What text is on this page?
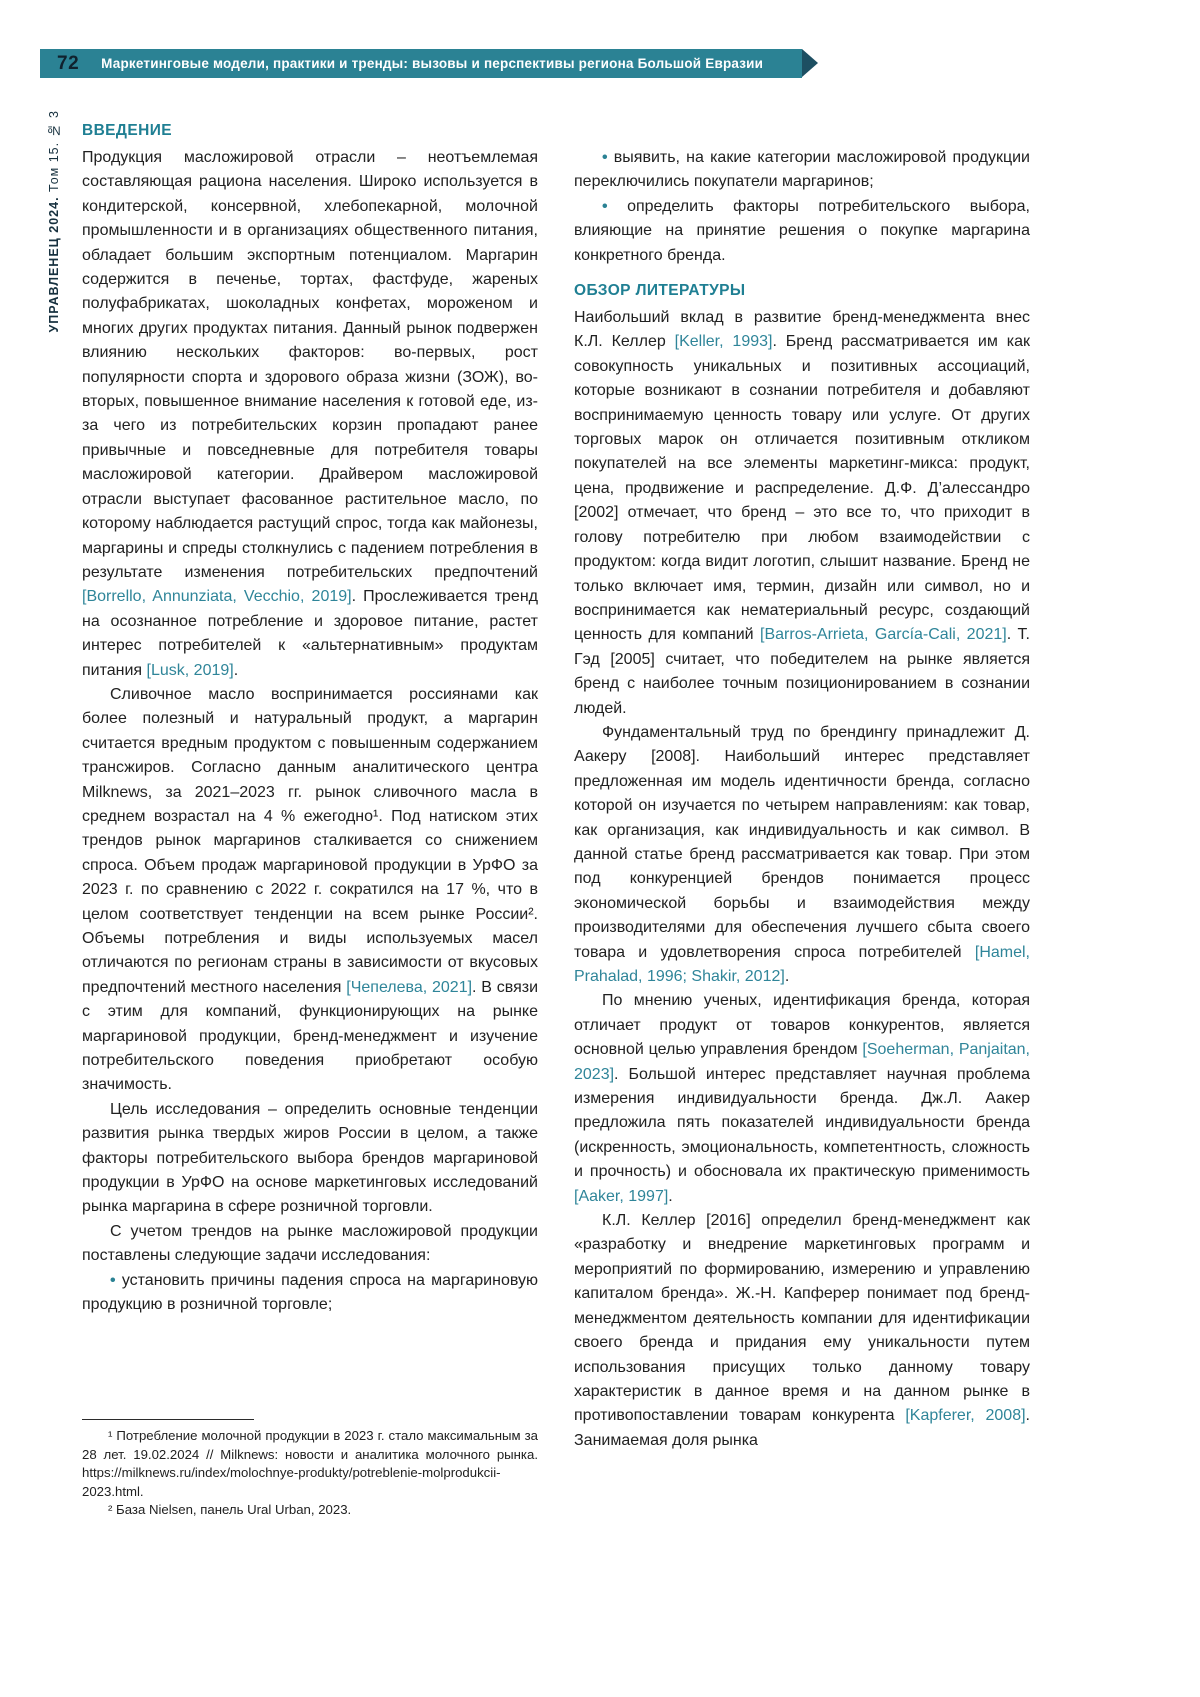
72 Маркетинговые модели, практики и тренды: вызовы и перспективы региона Большой Евразии
УПРАВЛЕНЕЦ 2024.Том 15. № 3 ВВЕДЕНИЕ

Продукция масложировой отрасли – неотъемлемая составляющая рациона населения. Широко используется в кондитерской, консервной, хлебопекарной, молочной промышленности и в организациях общественного питания, обладает большим экспортным потенциалом. Маргарин содержится в печенье, тортах, фастфуде, жареных полуфабрикатах, шоколадных конфетах, мороженом и многих других продуктах питания. Данный рынок подвержен влиянию нескольких факторов: во-первых, рост популярности спорта и здорового образа жизни (ЗОЖ), во-вторых, повышенное внимание населения к готовой еде, из-за чего из потребительских корзин пропадают ранее привычные и повседневные для потребителя товары масложировой категории. Драйвером масложировой отрасли выступает фасованное растительное масло, по которому наблюдается растущий спрос, тогда как майонезы, маргарины и спреды столкнулись с падением потребления в результате изменения потребительских предпочтений [Borrello, Annunziata, Vecchio, 2019]. Прослеживается тренд на осознанное потребление и здоровое питание, растет интерес потребителей к «альтернативным» продуктам питания [Lusk, 2019].

Сливочное масло воспринимается россиянами как более полезный и натуральный продукт, а маргарин считается вредным продуктом с повышенным содержанием трансжиров. Согласно данным аналитического центра Milknews, за 2021–2023 гг. рынок сливочного масла в среднем возрастал на 4 % ежегодно¹. Под натиском этих трендов рынок маргаринов сталкивается со снижением спроса. Объем продаж маргариновой продукции в УрФО за 2023 г. по сравнению с 2022 г. сократился на 17 %, что в целом соответствует тенденции на всем рынке России². Объемы потребления и виды используемых масел отличаются по регионам страны в зависимости от вкусовых предпочтений местного населения [Чепелева, 2021]. В связи с этим для компаний, функционирующих на рынке маргариновой продукции, бренд-менеджмент и изучение потребительского поведения приобретают особую значимость.

Цель исследования – определить основные тенденции развития рынка твердых жиров России в целом, а также факторы потребительского выбора брендов маргариновой продукции в УрФО на основе маркетинговых исследований рынка маргарина в сфере розничной торговли.

С учетом трендов на рынке масложировой продукции поставлены следующие задачи исследования:

• установить причины падения спроса на маргариновую продукцию в розничной торговле;

¹ Потребление молочной продукции в 2023 г. стало максимальным за 28 лет. 19.02.2024 // Milknews: новости и аналитика молочного рынка. https://milknews.ru/index/molochnye-produkty/potreblenie-molprodukcii-2023.html.

² База Nielsen, панель Ural Urban, 2023.

• выявить, на какие категории масложировой продукции переключились покупатели маргаринов;

• определить факторы потребительского выбора, влияющие на принятие решения о покупке маргарина конкретного бренда.

ОБЗОР ЛИТЕРАТУРЫ

Наибольший вклад в развитие бренд-менеджмента внес К.Л. Келлер [Keller, 1993]. Бренд рассматривается им как совокупность уникальных и позитивных ассоциаций, которые возникают в сознании потребителя и добавляют воспринимаемую ценность товару или услуге. От других торговых марок он отличается позитивным откликом покупателей на все элементы маркетинг-микса: продукт, цена, продвижение и распределение. Д.Ф. Д’алессандро [2002] отмечает, что бренд – это все то, что приходит в голову потребителю при любом взаимодействии с продуктом: когда видит логотип, слышит название. Бренд не только включает имя, термин, дизайн или символ, но и воспринимается как нематериальный ресурс, создающий ценность для компаний [Barros-Arrieta, García-Cali, 2021]. Т. Гэд [2005] считает, что победителем на рынке является бренд с наиболее точным позиционированием в сознании людей.

Фундаментальный труд по брендингу принадлежит Д. Аакеру [2008]. Наибольший интерес представляет предложенная им модель идентичности бренда, согласно которой он изучается по четырем направлениям: как товар, как организация, как индивидуальность и как символ. В данной статье бренд рассматривается как товар. При этом под конкуренцией брендов понимается процесс экономической борьбы и взаимодействия между производителями для обеспечения лучшего сбыта своего товара и удовлетворения спроса потребителей [Hamel, Prahalad, 1996; Shakir, 2012].

По мнению ученых, идентификация бренда, которая отличает продукт от товаров конкурентов, является основной целью управления брендом [Soeherman, Panjaitan, 2023]. Большой интерес представляет научная проблема измерения индивидуальности бренда. Дж.Л. Аакер предложила пять показателей индивидуальности бренда (искренность, эмоциональность, компетентность, сложность и прочность) и обосновала их практическую применимость [Aaker, 1997].

К.Л. Келлер [2016] определил бренд-менеджмент как «разработку и внедрение маркетинговых программ и мероприятий по формированию, измерению и управлению капиталом бренда». Ж.-Н. Капферер понимает под бренд-менеджментом деятельность компании для идентификации своего бренда и придания ему уникальности путем использования присущих только данному товару характеристик в данное время и на данном рынке в противопоставлении товарам конкурента [Kapferer, 2008]. Занимаемая доля рынка
